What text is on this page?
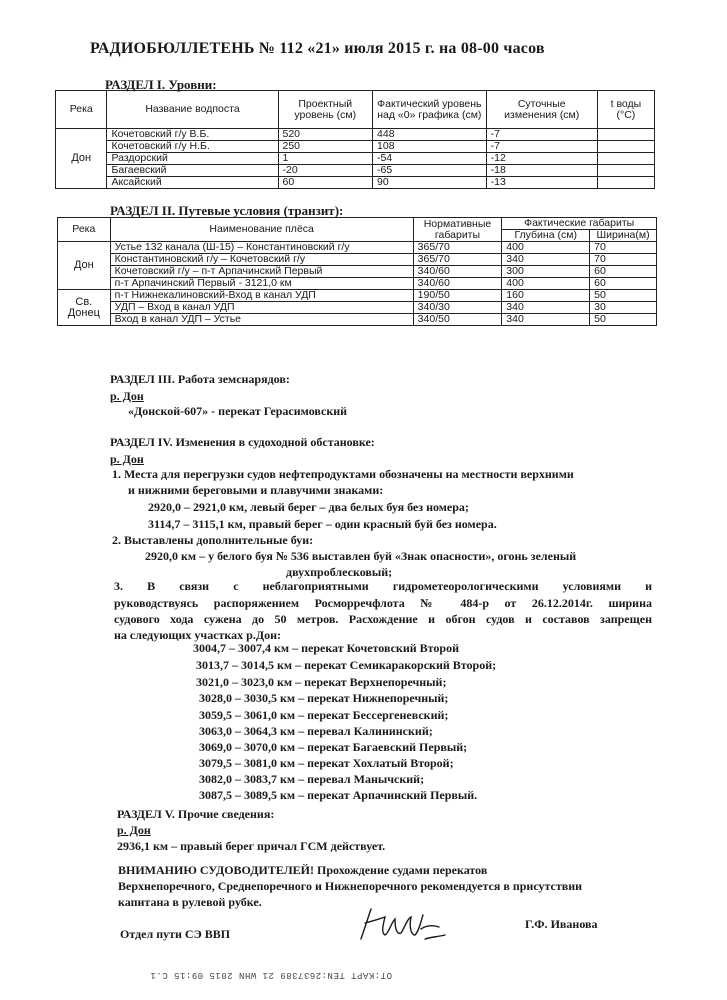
РАДИОБЮЛЛЕТЕНЬ № 112 «21» июля 2015 г. на 08-00 часов
РАЗДЕЛ I. Уровни:
Река	Название водпоста	Проектный уровень (см)	Фактический уровень над «0» графика (см)	Суточные изменения (см)	t воды (°С)
Дон	Кочетовский г/у В.Б.	520	448	-7	
	Кочетовский г/у Н.Б.	250	108	-7	
	Раздорский	1	-54	-12	
	Багаевский	-20	-65	-18	
	Аксайский	60	90	-13	
РАЗДЕЛ II. Путевые условия (транзит):
Река	Наименование плёса	Нормативные габариты	Фактические габариты	
			Глубина (см)	Ширина(м)
Дон	Устье 132 канала (Ш-15) – Константиновский г/у	365/70	400	70
	Константиновский г/у – Кочетовский г/у	365/70	340	70
	Кочетовский г/у – п-т Арпачинский Первый	340/60	300	60
	п-т Арпачинский Первый - 3121,0 км	340/60	400	60
Св. Донец	п-т Нижнекалиновский-Вход в канал УДП	190/50	160	50
	УДП – Вход в канал УДП	340/30	340	30
	Вход в канал УДП – Устье	340/50	340	50
РАЗДЕЛ III. Работа земснарядов:
р. Дон
«Донской-607» - перекат Герасимовский
РАЗДЕЛ IV. Изменения в судоходной обстановке:
р. Дон
1. Места для перегрузки судов нефтепродуктами обозначены на местности верхними
и нижними береговыми и плавучими знаками:
2920,0 – 2921,0 км, левый берег – два белых буя без номера;
3114,7 – 3115,1 км, правый берег – один красный буй без номера.
2. Выставлены дополнительные буи:
2920,0 км – у белого буя № 536 выставлен буй «Знак опасности», огонь зеленый
двухпроблесковый;
3. В связи с неблагоприятными гидрометеорологическими условиями и
руководствуясь распоряжением Росморречфлота № 484-р от 26.12.2014г. ширина
судового хода сужена до 50 метров. Расхождение и обгон судов и составов запрещен
на следующих участках р.Дон:
3004,7 – 3007,4 км – перекат Кочетовский Второй
3013,7 – 3014,5 км – перекат Семикаракорский Второй;
3021,0 – 3023,0 км – перекат Верхнепоречный;
3028,0 – 3030,5 км – перекат Нижнепоречный;
3059,5 – 3061,0 км – перекат Бессергеневский;
3063,0 – 3064,3 км – перевал Калининский;
3069,0 – 3070,0 км – перекат Багаевский Первый;
3079,5 – 3081,0 км – перекат Хохлатый Второй;
3082,0 – 3083,7 км – перевал Манычский;
3087,5 – 3089,5 км – перекат Арпачинский Первый.
РАЗДЕЛ V. Прочие сведения:
р. Дон
2936,1 км – правый берег причал ГСМ действует.
ВНИМАНИЮ СУДОВОДИТЕЛЕЙ! Прохождение судами перекатов
Верхнепоречного, Среднепоречного и Нижнепоречного рекомендуется в присутствии
капитана в рулевой рубке.
Отдел пути СЭ ВВП
Г.Ф. Иванова
OT:KAPT TEN:2637389 21 WHN 2015 09:15 C.1
